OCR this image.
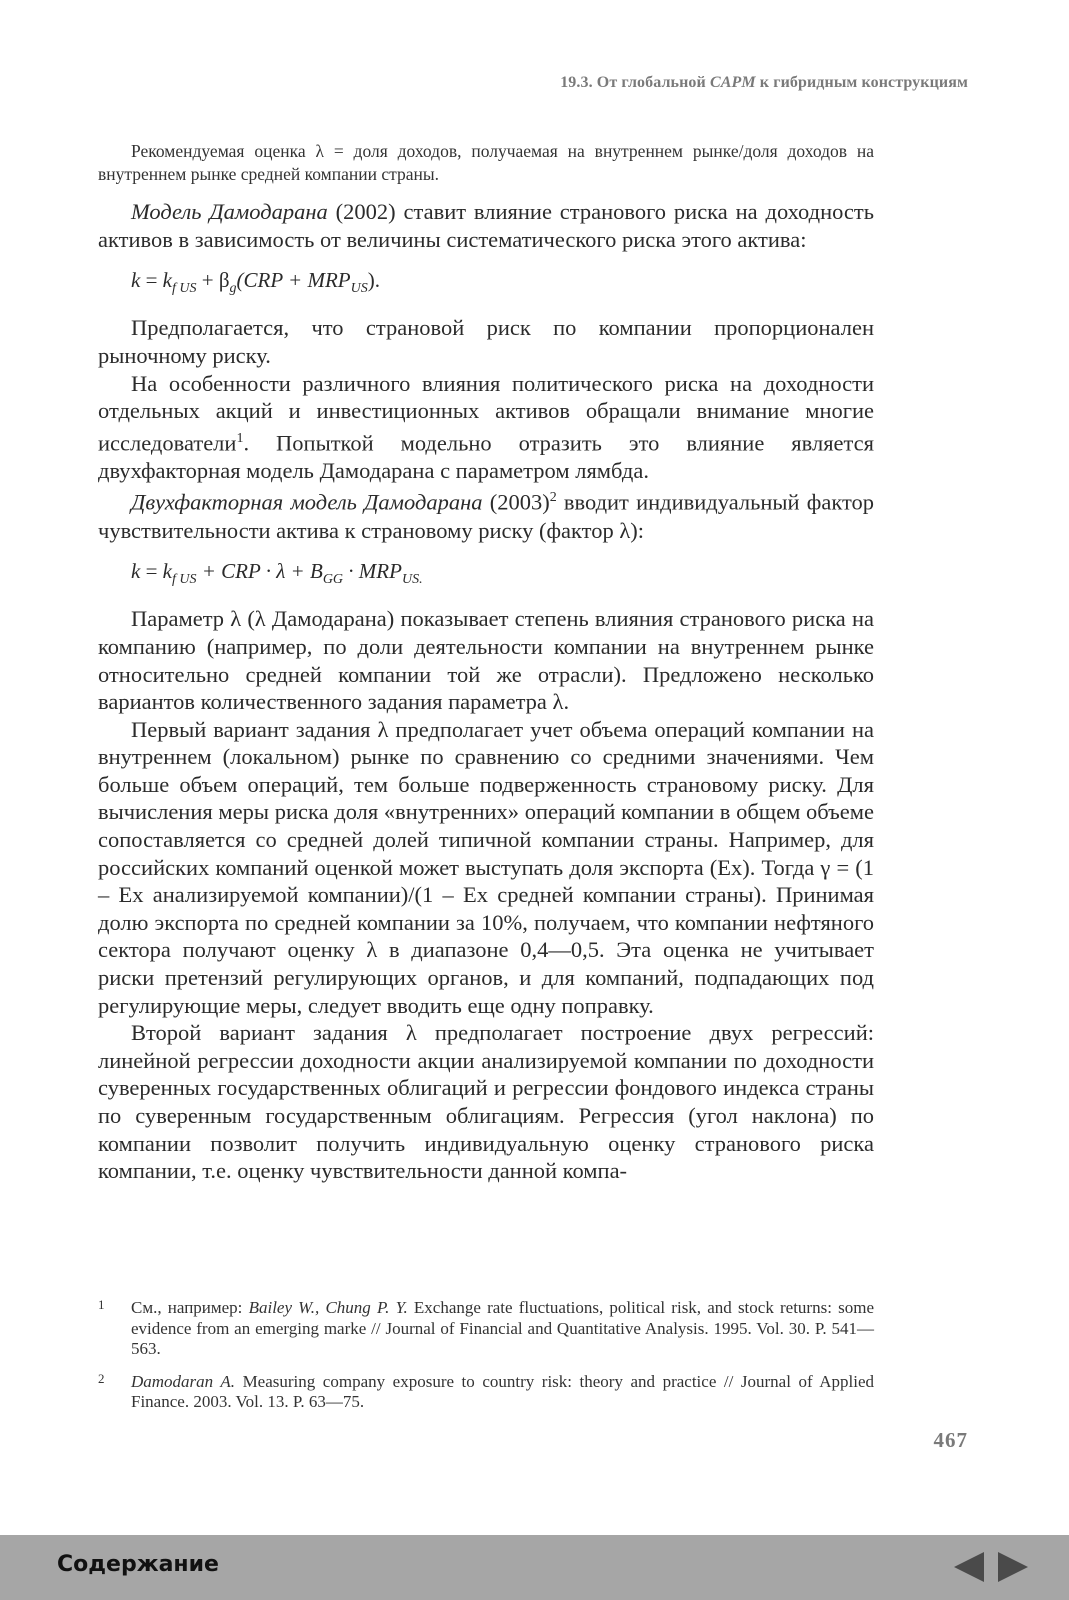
19.3. От глобальной CAPM к гибридным конструкциям

Рекомендуемая оценка λ = доля доходов, получаемая на внутреннем рынке/доля доходов на внутреннем рынке средней компании страны.

Модель Дамодарана (2002) ставит влияние странового риска на доходность активов в зависимость от величины систематического риска этого актива:

$k = k_{f US} + \beta_g(CRP + MRP_{US})$.

Предполагается, что страновой риск по компании пропорционален рыночному риску.

На особенности различного влияния политического риска на доходности отдельных акций и инвестиционных активов обращали внимание многие исследователи$^1$. Попыткой модельно отразить это влияние является двухфакторная модель Дамодарана с параметром лямбда.

Двухфакторная модель Дамодарана $(2003)^2$ вводит индивидуальный фактор чувствительности актива к страновому риску (фактор λ):

$k = k_{f US}$ + CRP · $\lambda + B_{GG} \cdot MRP_{US.}$

Параметр λ (λ Дамодарана) показывает степень влияния странового риска на компанию (например, по доли деятельности компании на внутреннем рынке относительно средней компании той же отрасли). Предложено несколько вариантов количественного задания параметра λ.

Первый вариант задания λ предполагает учет объема операций компании на внутреннем (локальном) рынке по сравнению со средними значениями. Чем больше объем операций, тем больше подверженность страновому риску. Для вычисления меры риска доля «внутренних» операций компании в общем объеме сопоставляется со средней долей типичной компании страны. Например, для российских компаний оценкой может выступать доля экспорта (Ex). Тогда γ = (1 – Ex анализируемой компании)/(1 – Ex средней компании страны). Принимая долю экспорта по средней компании за 10%, получаем, что компании нефтяного сектора получают оценку λ в диапазоне 0,4—0,5. Эта оценка не учитывает риски претензий регулирующих органов, и для компаний, подпадающих под регулирующие меры, следует вводить еще одну поправку.

Второй вариант задания λ предполагает построение двух регрессий: линейной регрессии доходности акции анализируемой компании по доходности суверенных государственных облигаций и регрессии фондового индекса страны по суверенным государственным облигациям. Регрессия (угол наклона) по компании позволит получить индивидуальную оценку странового риска компании, т.е. оценку чувствительности данной компа-

1 См., например: Bailey W., Chung P. Y. Exchange rate fluctuations, political risk, and stock returns: some evidence from an emerging marke // Journal of Financial and Quantitative Analysis. 1995. Vol. 30. P. 541—563.
2 Damodaran A. Measuring company exposure to country risk: theory and practice // Journal of Applied Finance. 2003. Vol. 13. P. 63—75.
467
Содержание
